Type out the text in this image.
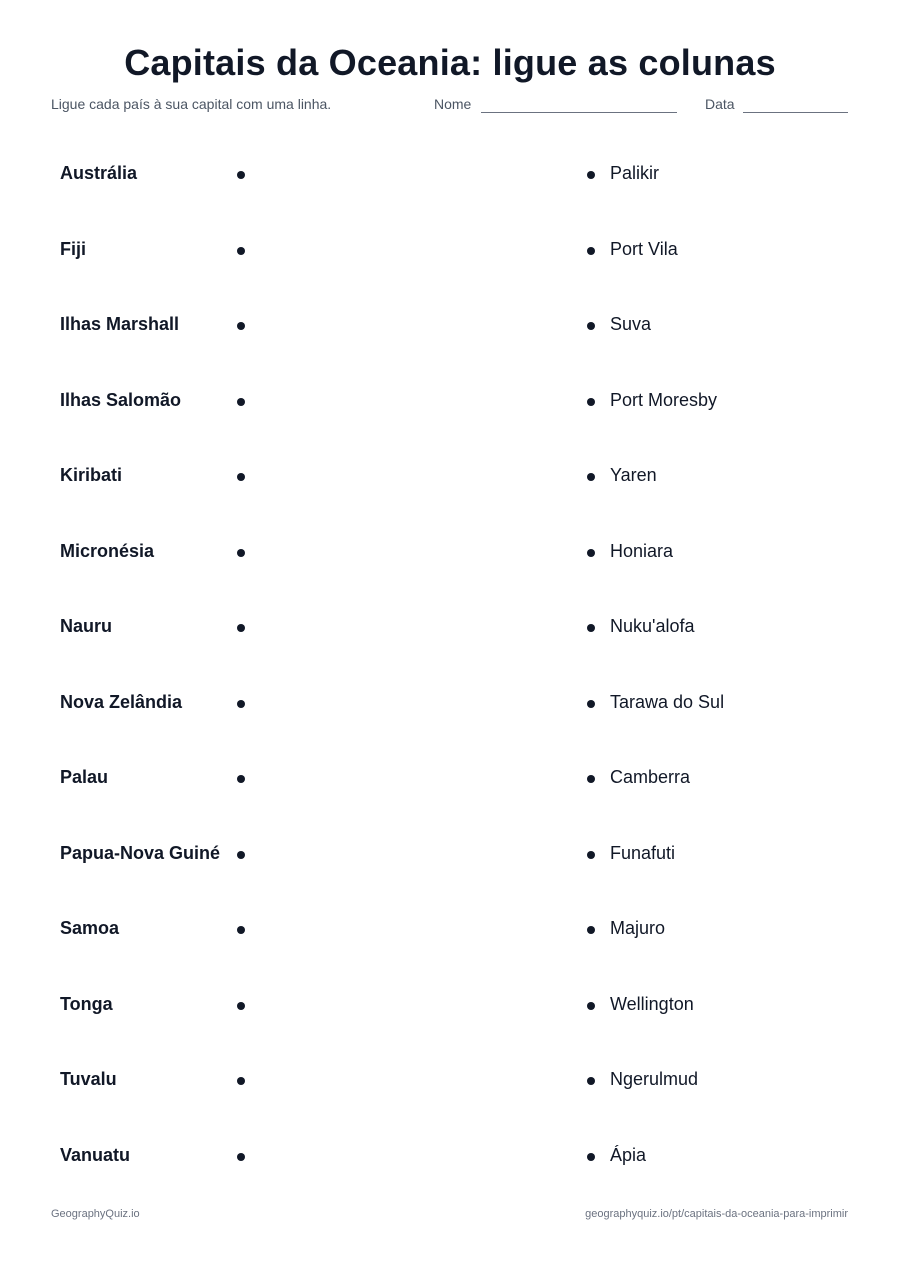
Capitais da Oceania: ligue as colunas
Ligue cada país à sua capital com uma linha.	Nome	Data
Austrália	Palikir
Fiji	Port Vila
Ilhas Marshall	Suva
Ilhas Salomão	Port Moresby
Kiribati	Yaren
Micronésia	Honiara
Nauru	Nuku'alofa
Nova Zelândia	Tarawa do Sul
Palau	Camberra
Papua-Nova Guiné	Funafuti
Samoa	Majuro
Tonga	Wellington
Tuvalu	Ngerulmud
Vanuatu	Ápia
GeographyQuiz.io	geographyquiz.io/pt/capitais-da-oceania-para-imprimir
